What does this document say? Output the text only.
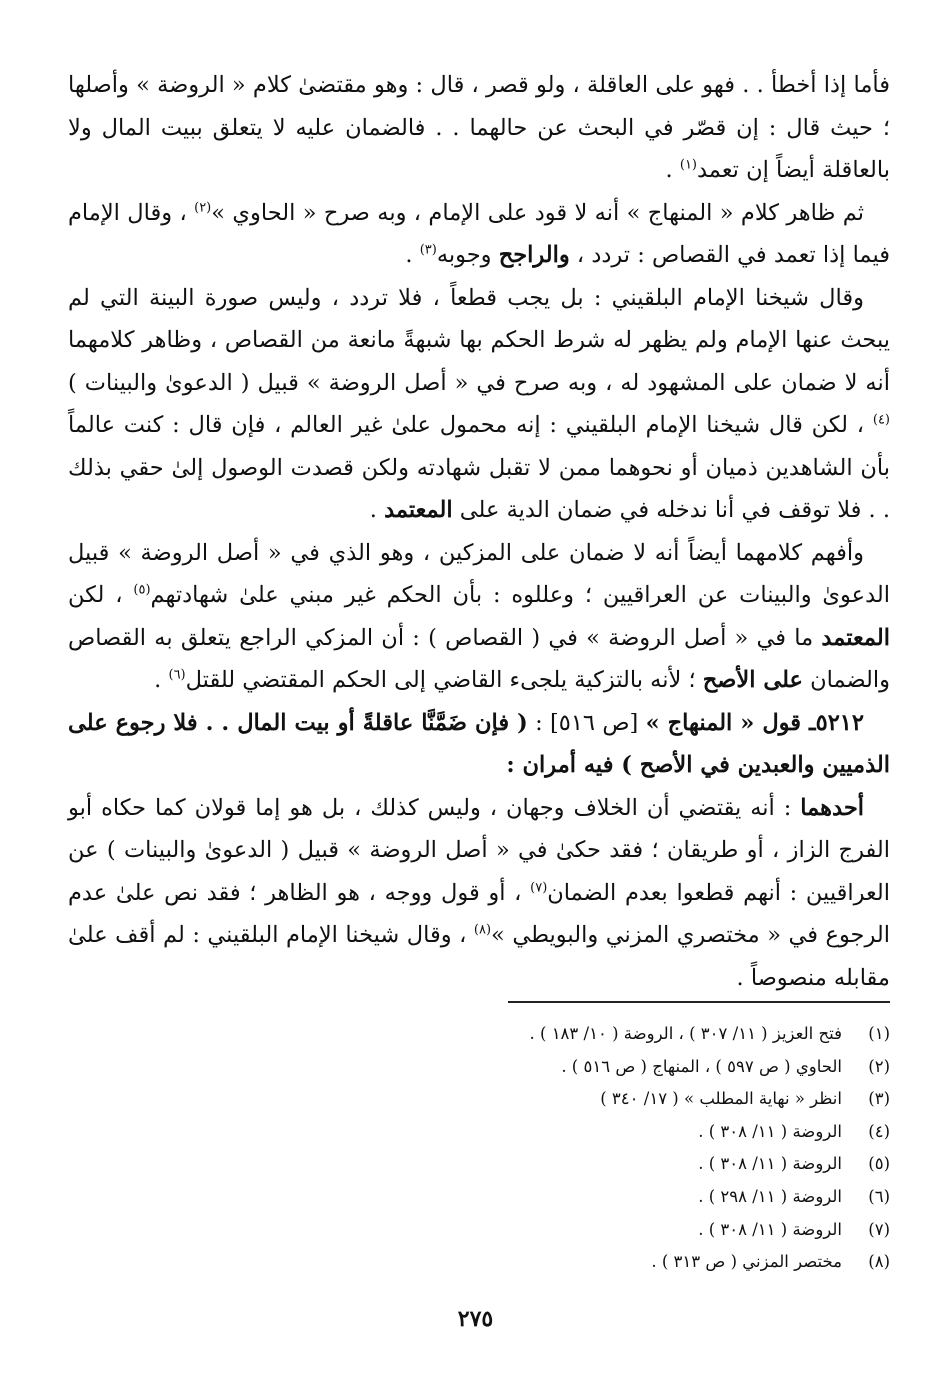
فأما إذا أخطأ . . فهو على العاقلة ، ولو قصر ، قال : وهو مقتضىٰ كلام « الروضة » وأصلها ؛ حيث قال : إن قصّر في البحث عن حالهما . . فالضمان عليه لا يتعلق ببيت المال ولا بالعاقلة أيضاً إن تعمد$^{(١)}$ .

ثم ظاهر كلام « المنهاج » أنه لا قود على الإمام ، وبه صرح « الحاوي »$^{(٢)}$ ، وقال الإمام فيما إذا تعمد في القصاص : تردد ، والراجح وجوبه$^{(٣)}$ .

وقال شيخنا الإمام البلقيني : بل يجب قطعاً ، فلا تردد ، وليس صورة البينة التي لم يبحث عنها الإمام ولم يظهر له شرط الحكم بها شبهةً مانعة من القصاص ، وظاهر كلامهما أنه لا ضمان على المشهود له ، وبه صرح في « أصل الروضة » قبيل ( الدعوىٰ والبينات )$^{(٤)}$ ، لكن قال شيخنا الإمام البلقيني : إنه محمول علىٰ غير العالم ، فإن قال : كنت عالماً بأن الشاهدين ذميان أو نحوهما ممن لا تقبل شهادته ولكن قصدت الوصول إلىٰ حقي بذلك . . فلا توقف في أنا ندخله في ضمان الدية على المعتمد .

وأفهم كلامهما أيضاً أنه لا ضمان على المزكين ، وهو الذي في « أصل الروضة » قبيل الدعوىٰ والبينات عن العراقيين ؛ وعللوه : بأن الحكم غير مبني علىٰ شهادتهم$^{(٥)}$ ، لكن المعتمد ما في « أصل الروضة » في ( القصاص ) : أن المزكي الراجع يتعلق به القصاص والضمان على الأصح ؛ لأنه بالتزكية يلجىء القاضي إلى الحكم المقتضي للقتل$^{(٦)}$ .

٥٢١٢ـ قول « المنهاج » [ص ٥١٦] : ( فإن ضَمَّنَّا عاقلةً أو بيت المال . . فلا رجوع على الذميين والعبدين في الأصح ) فيه أمران :

أحدهما : أنه يقتضي أن الخلاف وجهان ، وليس كذلك ، بل هو إما قولان كما حكاه أبو الفرج الزاز ، أو طريقان ؛ فقد حكىٰ في « أصل الروضة » قبيل ( الدعوىٰ والبينات ) عن العراقيين : أنهم قطعوا بعدم الضمان$^{(٧)}$ ، أو قول ووجه ، هو الظاهر ؛ فقد نص علىٰ عدم الرجوع في « مختصري المزني والبويطي »$^{(٨)}$ ، وقال شيخنا الإمام البلقيني : لم أقف علىٰ مقابله منصوصاً .

(١)
فتح العزيز ( ١١/ ٣٠٧ ) ، الروضة ( ١٠/ ١٨٣ ) .
(٢)
الحاوي ( ص ٥٩٧ ) ، المنهاج ( ص ٥١٦ ) .
(٣)
انظر « نهاية المطلب » ( ١٧/ ٣٤٠ )
(٤)
الروضة ( ١١/ ٣٠٨ ) .
(٥)
الروضة ( ١١/ ٣٠٨ ) .
(٦)
الروضة ( ١١/ ٢٩٨ ) .
(٧)
الروضة ( ١١/ ٣٠٨ ) .
(٨)
مختصر المزني ( ص ٣١٣ ) .
٢٧٥
